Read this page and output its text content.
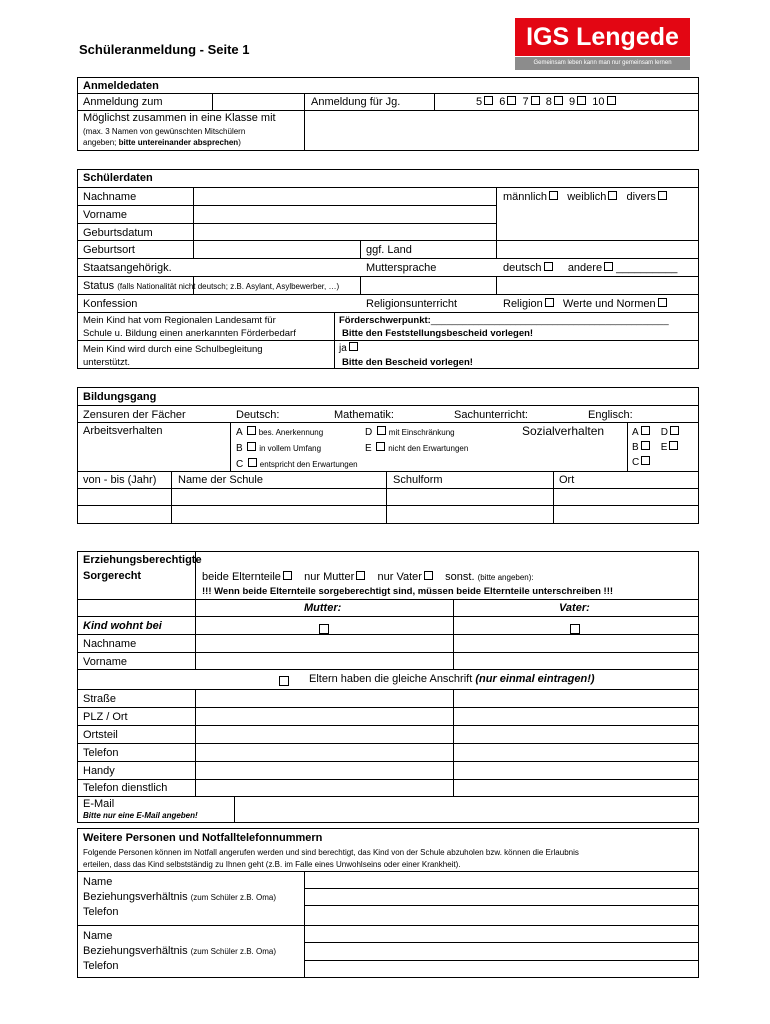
Schüleranmeldung - Seite 1	IGS Lengede
Gemeinsam leben kann man nur gemeinsam lernen
Anmeldedaten
Anmeldung zum	Anmeldung für Jg.	5 6 7 8 9 10
Möglichst zusammen in eine Klasse mit
(max. 3 Namen von gewünschten Mitschülern
angeben; bitte untereinander absprechen)
Schülerdaten
Nachname	männlich weiblich divers
Vorname
Geburtsdatum
Geburtsort	ggf. Land
Staatsangehörigk.	Muttersprache	deutsch andere __________
Status (falls Nationalität nicht deutsch; z.B. Asylant, Asylbewerber, …)
Konfession	Religionsunterricht	Religion Werte und Normen
Mein Kind hat vom Regionalen Landesamt für
Schule u. Bildung einen anerkannten Förderbedarf
Förderschwerpunkt:_____________________________________________
Bitte den Feststellungsbescheid vorlegen!
Mein Kind wird durch eine Schulbegleitung
unterstützt.
ja
Bitte den Bescheid vorlegen!
Bildungsgang
Zensuren der Fächer	Deutsch:	Mathematik:	Sachunterricht:	Englisch:
Arbeitsverhalten	A bes. Anerkennung
B in vollem Umfang
C entspricht den Erwartungen
D mit Einschränkung
E nicht den Erwartungen
Sozialverhalten	A D
B E
C
von - bis (Jahr) Name der Schule	Schulform	Ort
Erziehungsberechtigte
Sorgerecht	beide Elternteile nur Mutter nur Vater sonst. (bitte angeben):
!!! Wenn beide Elternteile sorgeberechtigt sind, müssen beide Elternteile unterschreiben !!!
Mutter:	Vater:
Kind wohnt bei
Nachname
Vorname
Eltern haben die gleiche Anschrift (nur einmal eintragen!)
Straße
PLZ / Ort
Ortsteil
Telefon
Handy
Telefon dienstlich
E-Mail
Bitte nur eine E-Mail angeben!
Weitere Personen und Notfalltelefonnummern
Folgende Personen können im Notfall angerufen werden und sind berechtigt, das Kind von der Schule abzuholen bzw. können die Erlaubnis
erteilen, dass das Kind selbstständig zu Ihnen geht (z.B. im Falle eines Unwohlseins oder einer Krankheit).
Name
Beziehungsverhältnis (zum Schüler z.B. Oma)
Telefon
Name
Beziehungsverhältnis (zum Schüler z.B. Oma)
Telefon
